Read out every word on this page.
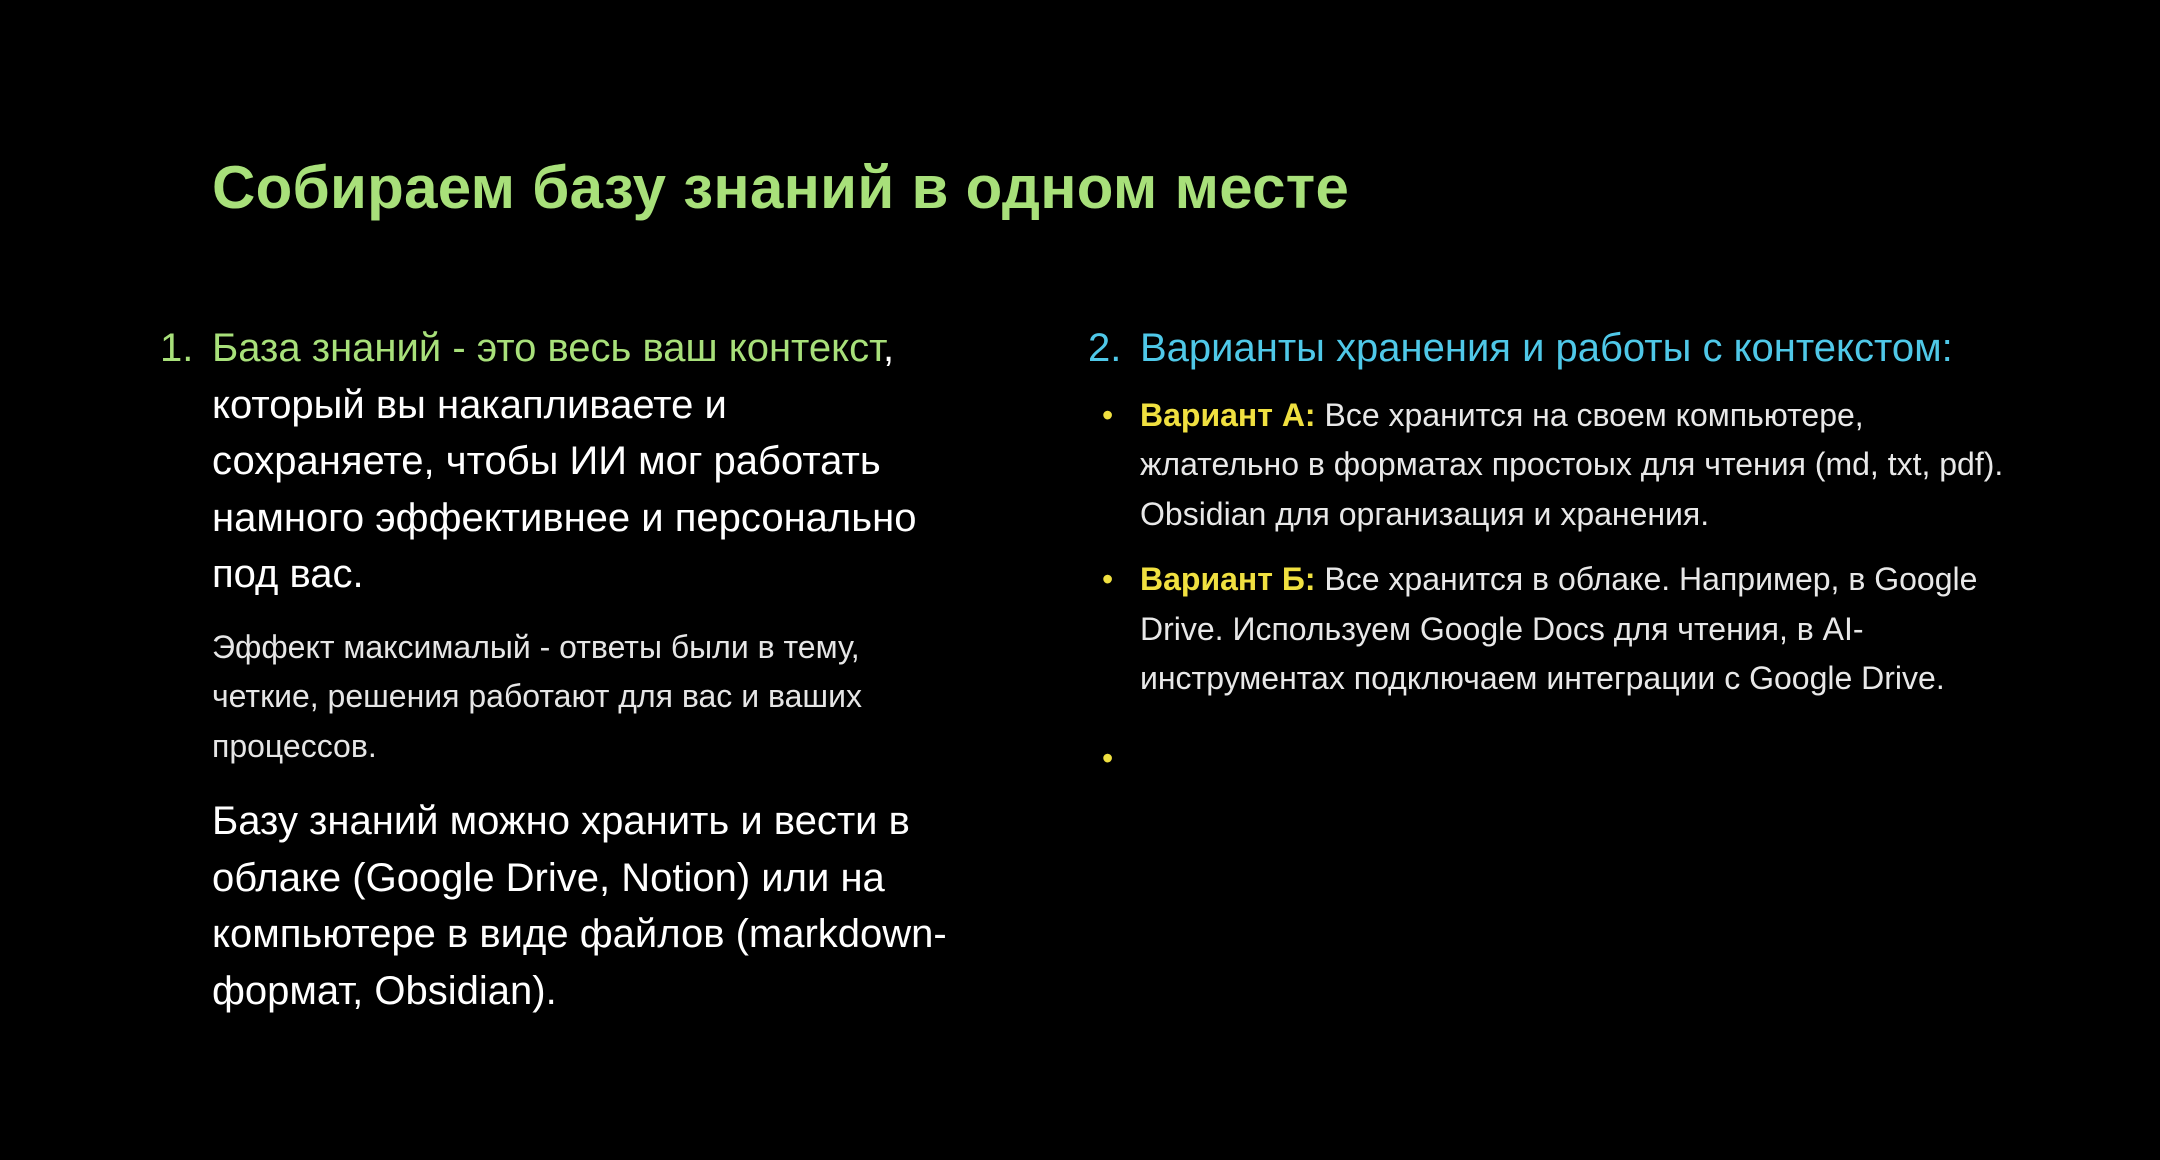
Собираем базу знаний в одном месте
1. База знаний - это весь ваш контекст, который вы накапливаете и сохраняете, чтобы ИИ мог работать намного эффективнее и персонально под вас.
Эффект максималый - ответы были в тему, четкие, решения работают для вас и ваших процессов.
Базу знаний можно хранить и вести в облаке (Google Drive, Notion) или на компьютере в виде файлов (markdown-формат, Obsidian).
2. Варианты хранения и работы с контекстом:
• Вариант А: Все хранится на своем компьютере, жлательно в форматах простоых для чтения (md, txt, pdf). Obsidian для организация и хранения.
• Вариант Б: Все хранится в облаке. Например, в Google Drive. Используем Google Docs для чтения, в AI-инструментах подключаем интеграции с Google Drive.
•
